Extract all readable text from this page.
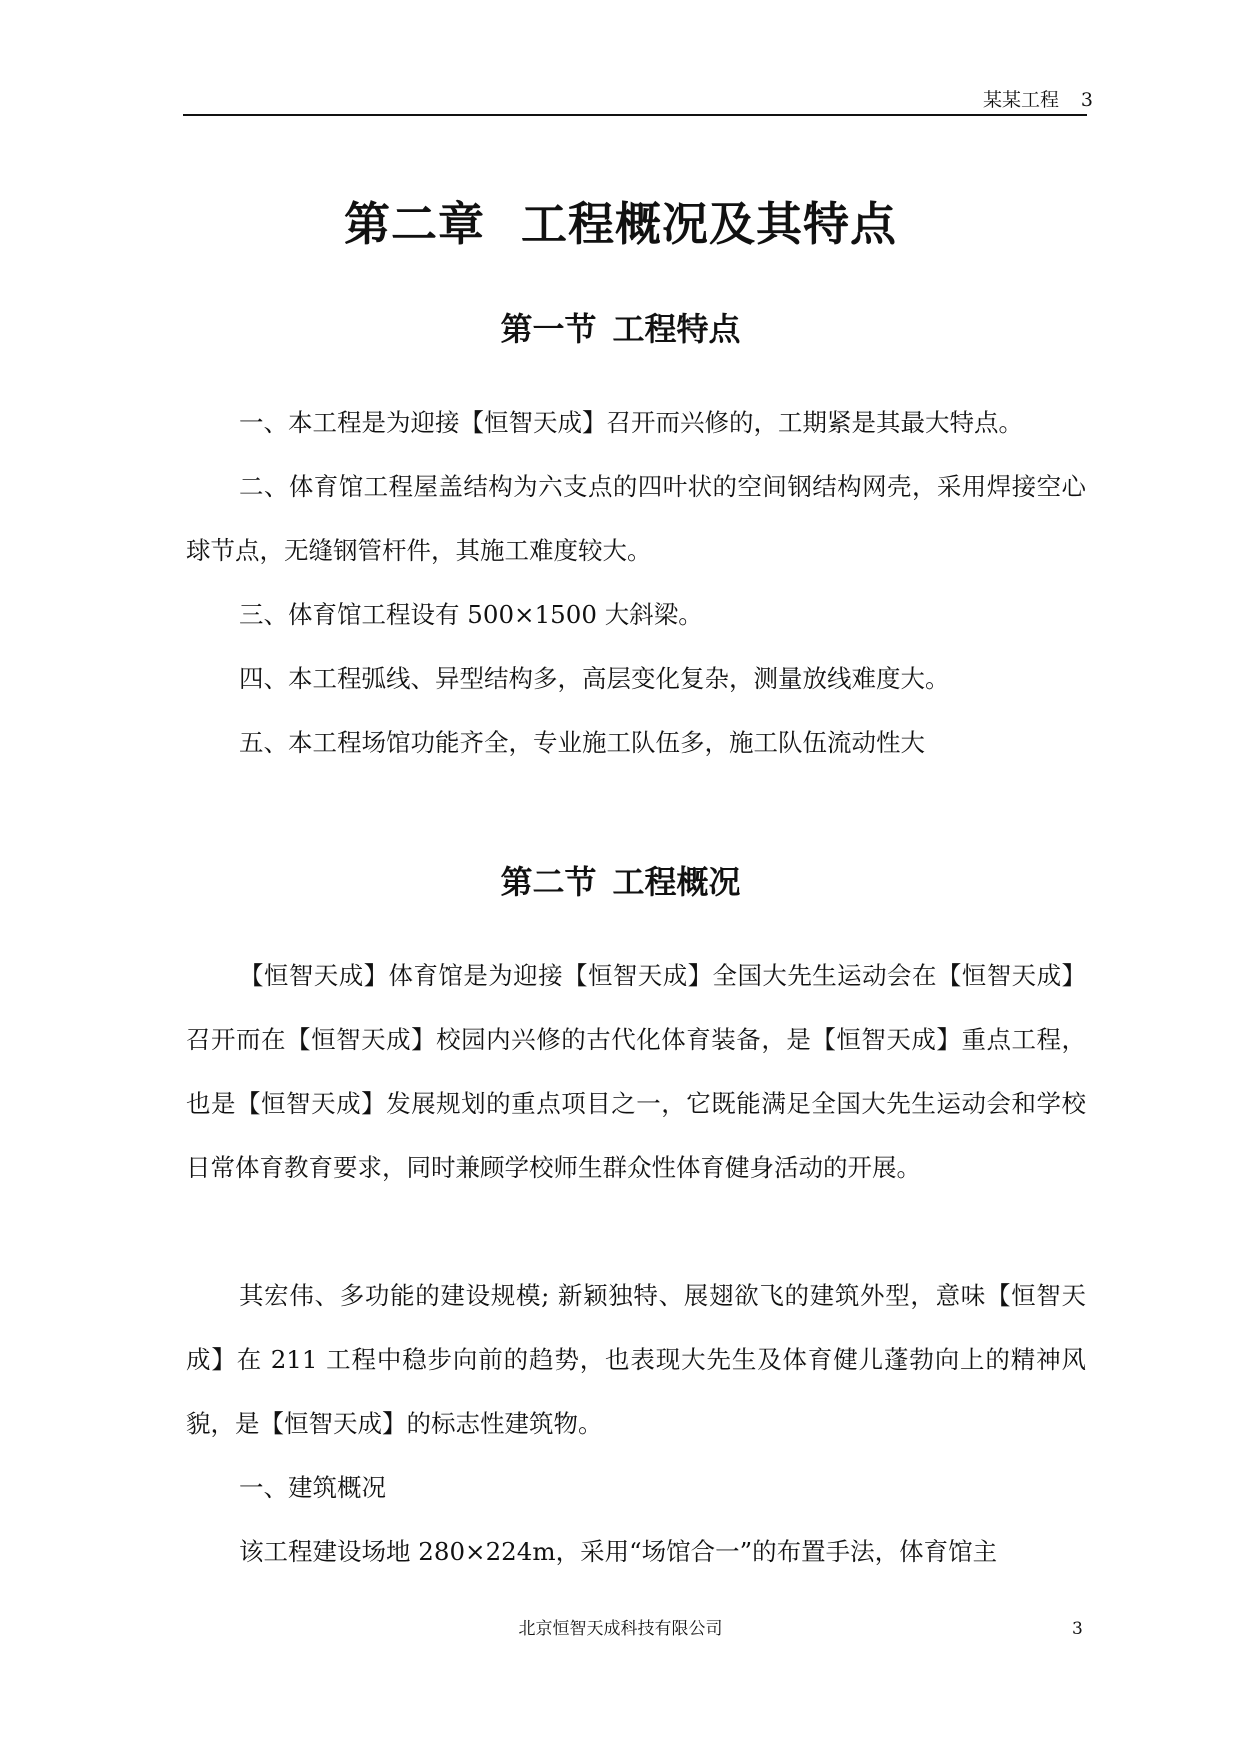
某某工程 3
第二章 工程概况及其特点
第一节 工程特点

一、本工程是为迎接【恒智天成】召开而兴修的，工期紧是其最大特点。

二、体育馆工程屋盖结构为六支点的四叶状的空间钢结构网壳，采用焊接空心球节点，无缝钢管杆件，其施工难度较大。

三、体育馆工程设有 500×1500 大斜梁。

四、本工程弧线、异型结构多，高层变化复杂，测量放线难度大。

五、本工程场馆功能齐全，专业施工队伍多，施工队伍流动性大

第二节 工程概况

【恒智天成】体育馆是为迎接【恒智天成】全国大先生运动会在【恒智天成】召开而在【恒智天成】校园内兴修的古代化体育装备，是【恒智天成】重点工程，也是【恒智天成】发展规划的重点项目之一，它既能满足全国大先生运动会和学校日常体育教育要求，同时兼顾学校师生群众性体育健身活动的开展。

其宏伟、多功能的建设规模; 新颖独特、展翅欲飞的建筑外型，意味【恒智天成】在 211 工程中稳步向前的趋势，也表现大先生及体育健儿蓬勃向上的精神风貌，是【恒智天成】的标志性建筑物。

一、建筑概况

该工程建设场地 280×224m，采用“场馆合一”的布置手法，体育馆主

北京恒智天成科技有限公司	3
